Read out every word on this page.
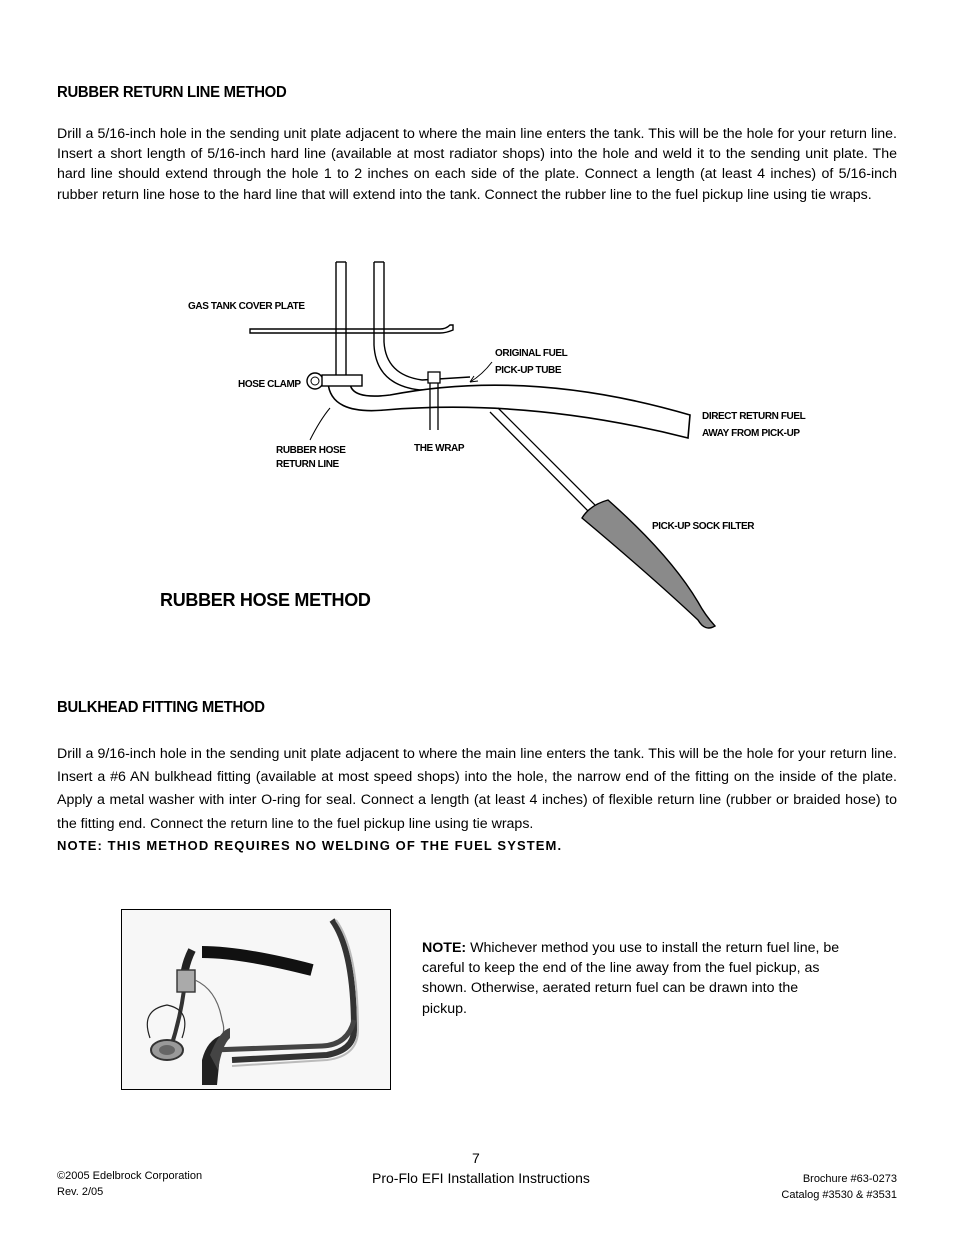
RUBBER RETURN LINE METHOD
Drill a 5/16-inch hole in the sending unit plate adjacent to where the main line enters the tank. This will be the hole for your return line. Insert a short length of 5/16-inch hard line (available at most radiator shops) into the hole and weld it to the sending unit plate. The hard line should extend through the hole 1 to 2 inches on each side of the plate. Connect a length (at least 4 inches) of 5/16-inch rubber return line hose to the hard line that will extend into the tank. Connect the rubber line to the fuel pickup line using tie wraps.
GAS TANK COVER PLATE
ORIGINAL FUEL
PICK-UP TUBE
HOSE CLAMP
DIRECT RETURN FUEL
AWAY FROM PICK-UP
RUBBER HOSE
RETURN LINE
THE WRAP
PICK-UP SOCK FILTER
RUBBER HOSE METHOD
BULKHEAD FITTING METHOD
Drill a 9/16-inch hole in the sending unit plate adjacent to where the main line enters the tank. This will be the hole for your return line. Insert a #6 AN bulkhead fitting (available at most speed shops) into the hole, the narrow end of the fitting on the inside of the plate. Apply a metal washer with inter O-ring for seal. Connect a length (at least 4 inches) of flexible return line (rubber or braided hose) to the fitting end. Connect the return line to the fuel pickup line using tie wraps.
NOTE: THIS METHOD REQUIRES NO WELDING OF THE FUEL SYSTEM.
NOTE: Whichever method you use to install the return fuel line, be careful to keep the end of the line away from the fuel pickup, as shown. Otherwise, aerated return fuel can be drawn into the pickup.
7
Pro-Flo EFI Installation Instructions
©2005 Edelbrock Corporation
Rev. 2/05
Brochure #63-0273
Catalog #3530 & #3531
